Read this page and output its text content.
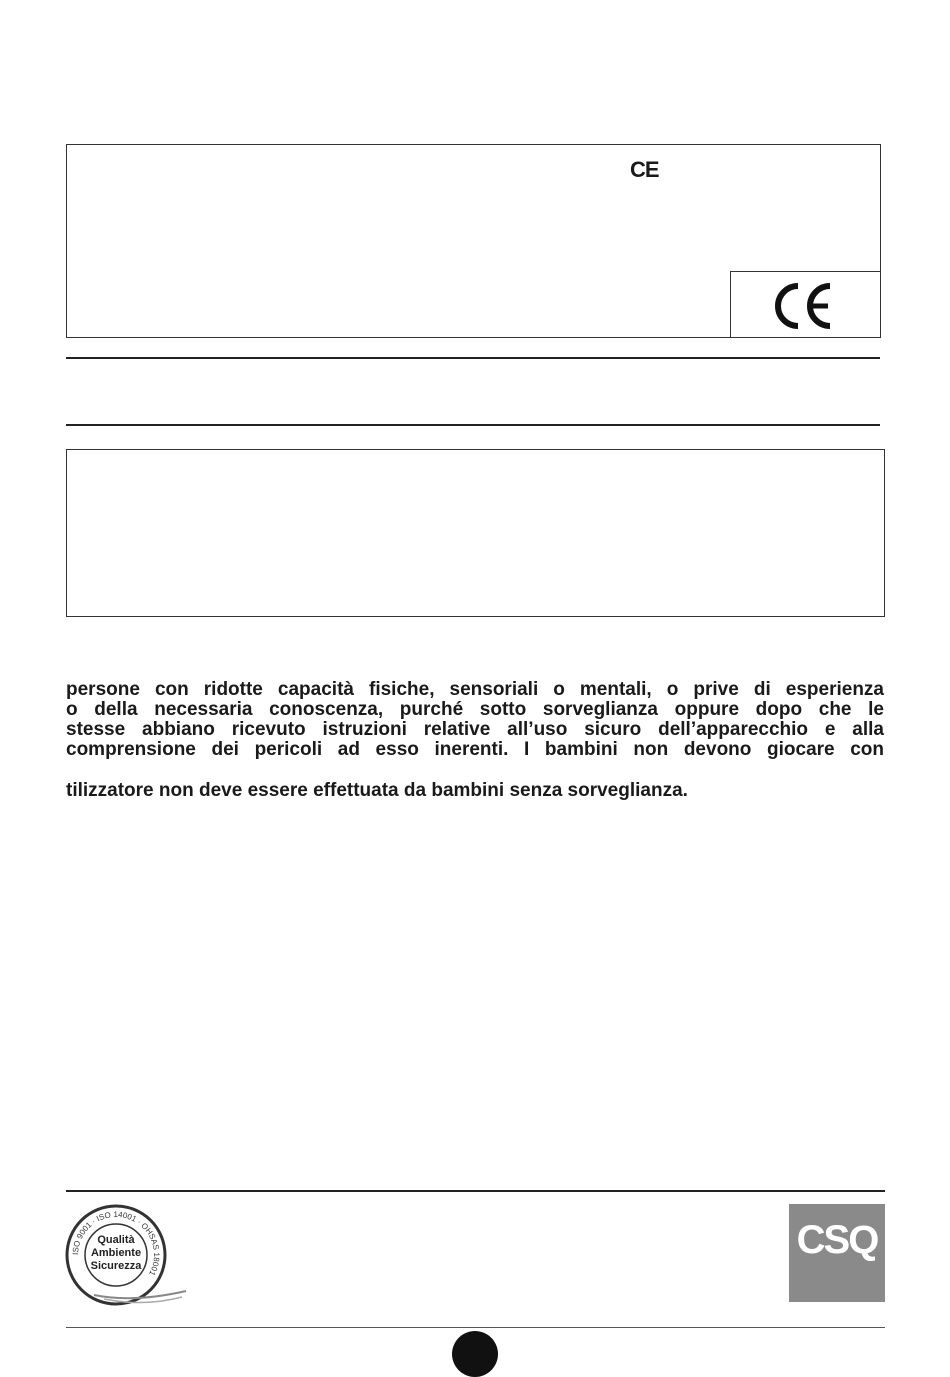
CE
persone con ridotte capacità fisiche, sensoriali o mentali, o prive di esperienza
o della necessaria conoscenza, purché sotto sorveglianza oppure dopo che le
stesse abbiano ricevuto istruzioni relative all’uso sicuro dell’apparecchio e alla
comprensione dei pericoli ad esso inerenti. I bambini non devono giocare con
tilizzatore non deve essere effettuata da bambini senza sorveglianza.
ISO 9001 · ISO 14001 · OHSAS 18001
Qualità
Ambiente
Sicurezza
CSQ
